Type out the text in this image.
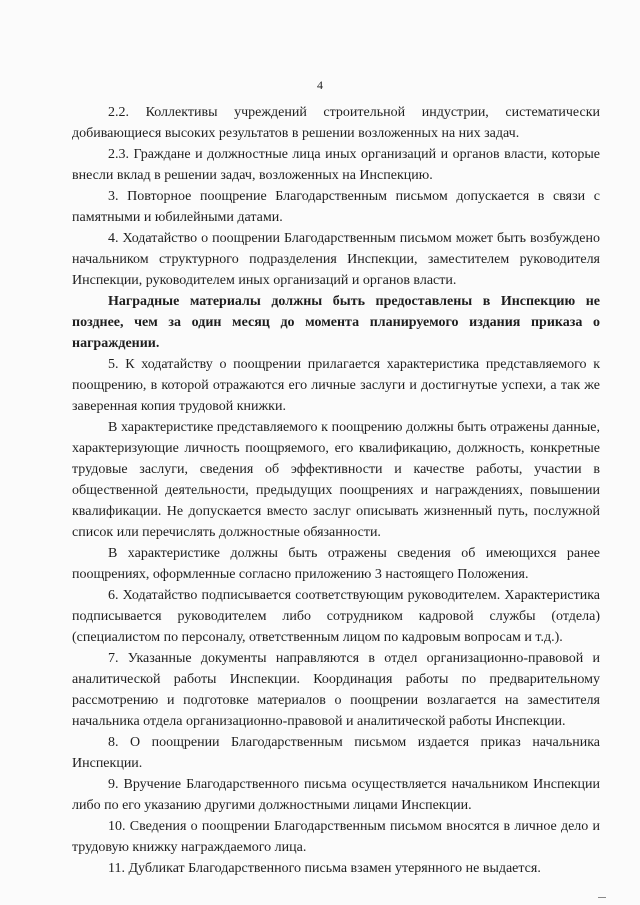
4

2.2. Коллективы учреждений строительной индустрии, систематически добивающиеся высоких результатов в решении возложенных на них задач.

2.3. Граждане и должностные лица иных организаций и органов власти, которые внесли вклад в решении задач, возложенных на Инспекцию.

3. Повторное поощрение Благодарственным письмом допускается в связи с памятными и юбилейными датами.

4. Ходатайство о поощрении Благодарственным письмом может быть возбуждено начальником структурного подразделения Инспекции, заместителем руководителя Инспекции, руководителем иных организаций и органов власти.

Наградные материалы должны быть предоставлены в Инспекцию не позднее, чем за один месяц до момента планируемого издания приказа о награждении.

5. К ходатайству о поощрении прилагается характеристика представляемого к поощрению, в которой отражаются его личные заслуги и достигнутые успехи, а так же заверенная копия трудовой книжки.

В характеристике представляемого к поощрению должны быть отражены данные, характеризующие личность поощряемого, его квалификацию, должность, конкретные трудовые заслуги, сведения об эффективности и качестве работы, участии в общественной деятельности, предыдущих поощрениях и награждениях, повышении квалификации. Не допускается вместо заслуг описывать жизненный путь, послужной список или перечислять должностные обязанности.

В характеристике должны быть отражены сведения об имеющихся ранее поощрениях, оформленные согласно приложению 3 настоящего Положения.

6. Ходатайство подписывается соответствующим руководителем. Характеристика подписывается руководителем либо сотрудником кадровой службы (отдела) (специалистом по персоналу, ответственным лицом по кадровым вопросам и т.д.).

7. Указанные документы направляются в отдел организационно-правовой и аналитической работы Инспекции. Координация работы по предварительному рассмотрению и подготовке материалов о поощрении возлагается на заместителя начальника отдела организационно-правовой и аналитической работы Инспекции.

8. О поощрении Благодарственным письмом издается приказ начальника Инспекции.

9. Вручение Благодарственного письма осуществляется начальником Инспекции либо по его указанию другими должностными лицами Инспекции.

10. Сведения о поощрении Благодарственным письмом вносятся в личное дело и трудовую книжку награждаемого лица.

11. Дубликат Благодарственного письма взамен утерянного не выдается.
